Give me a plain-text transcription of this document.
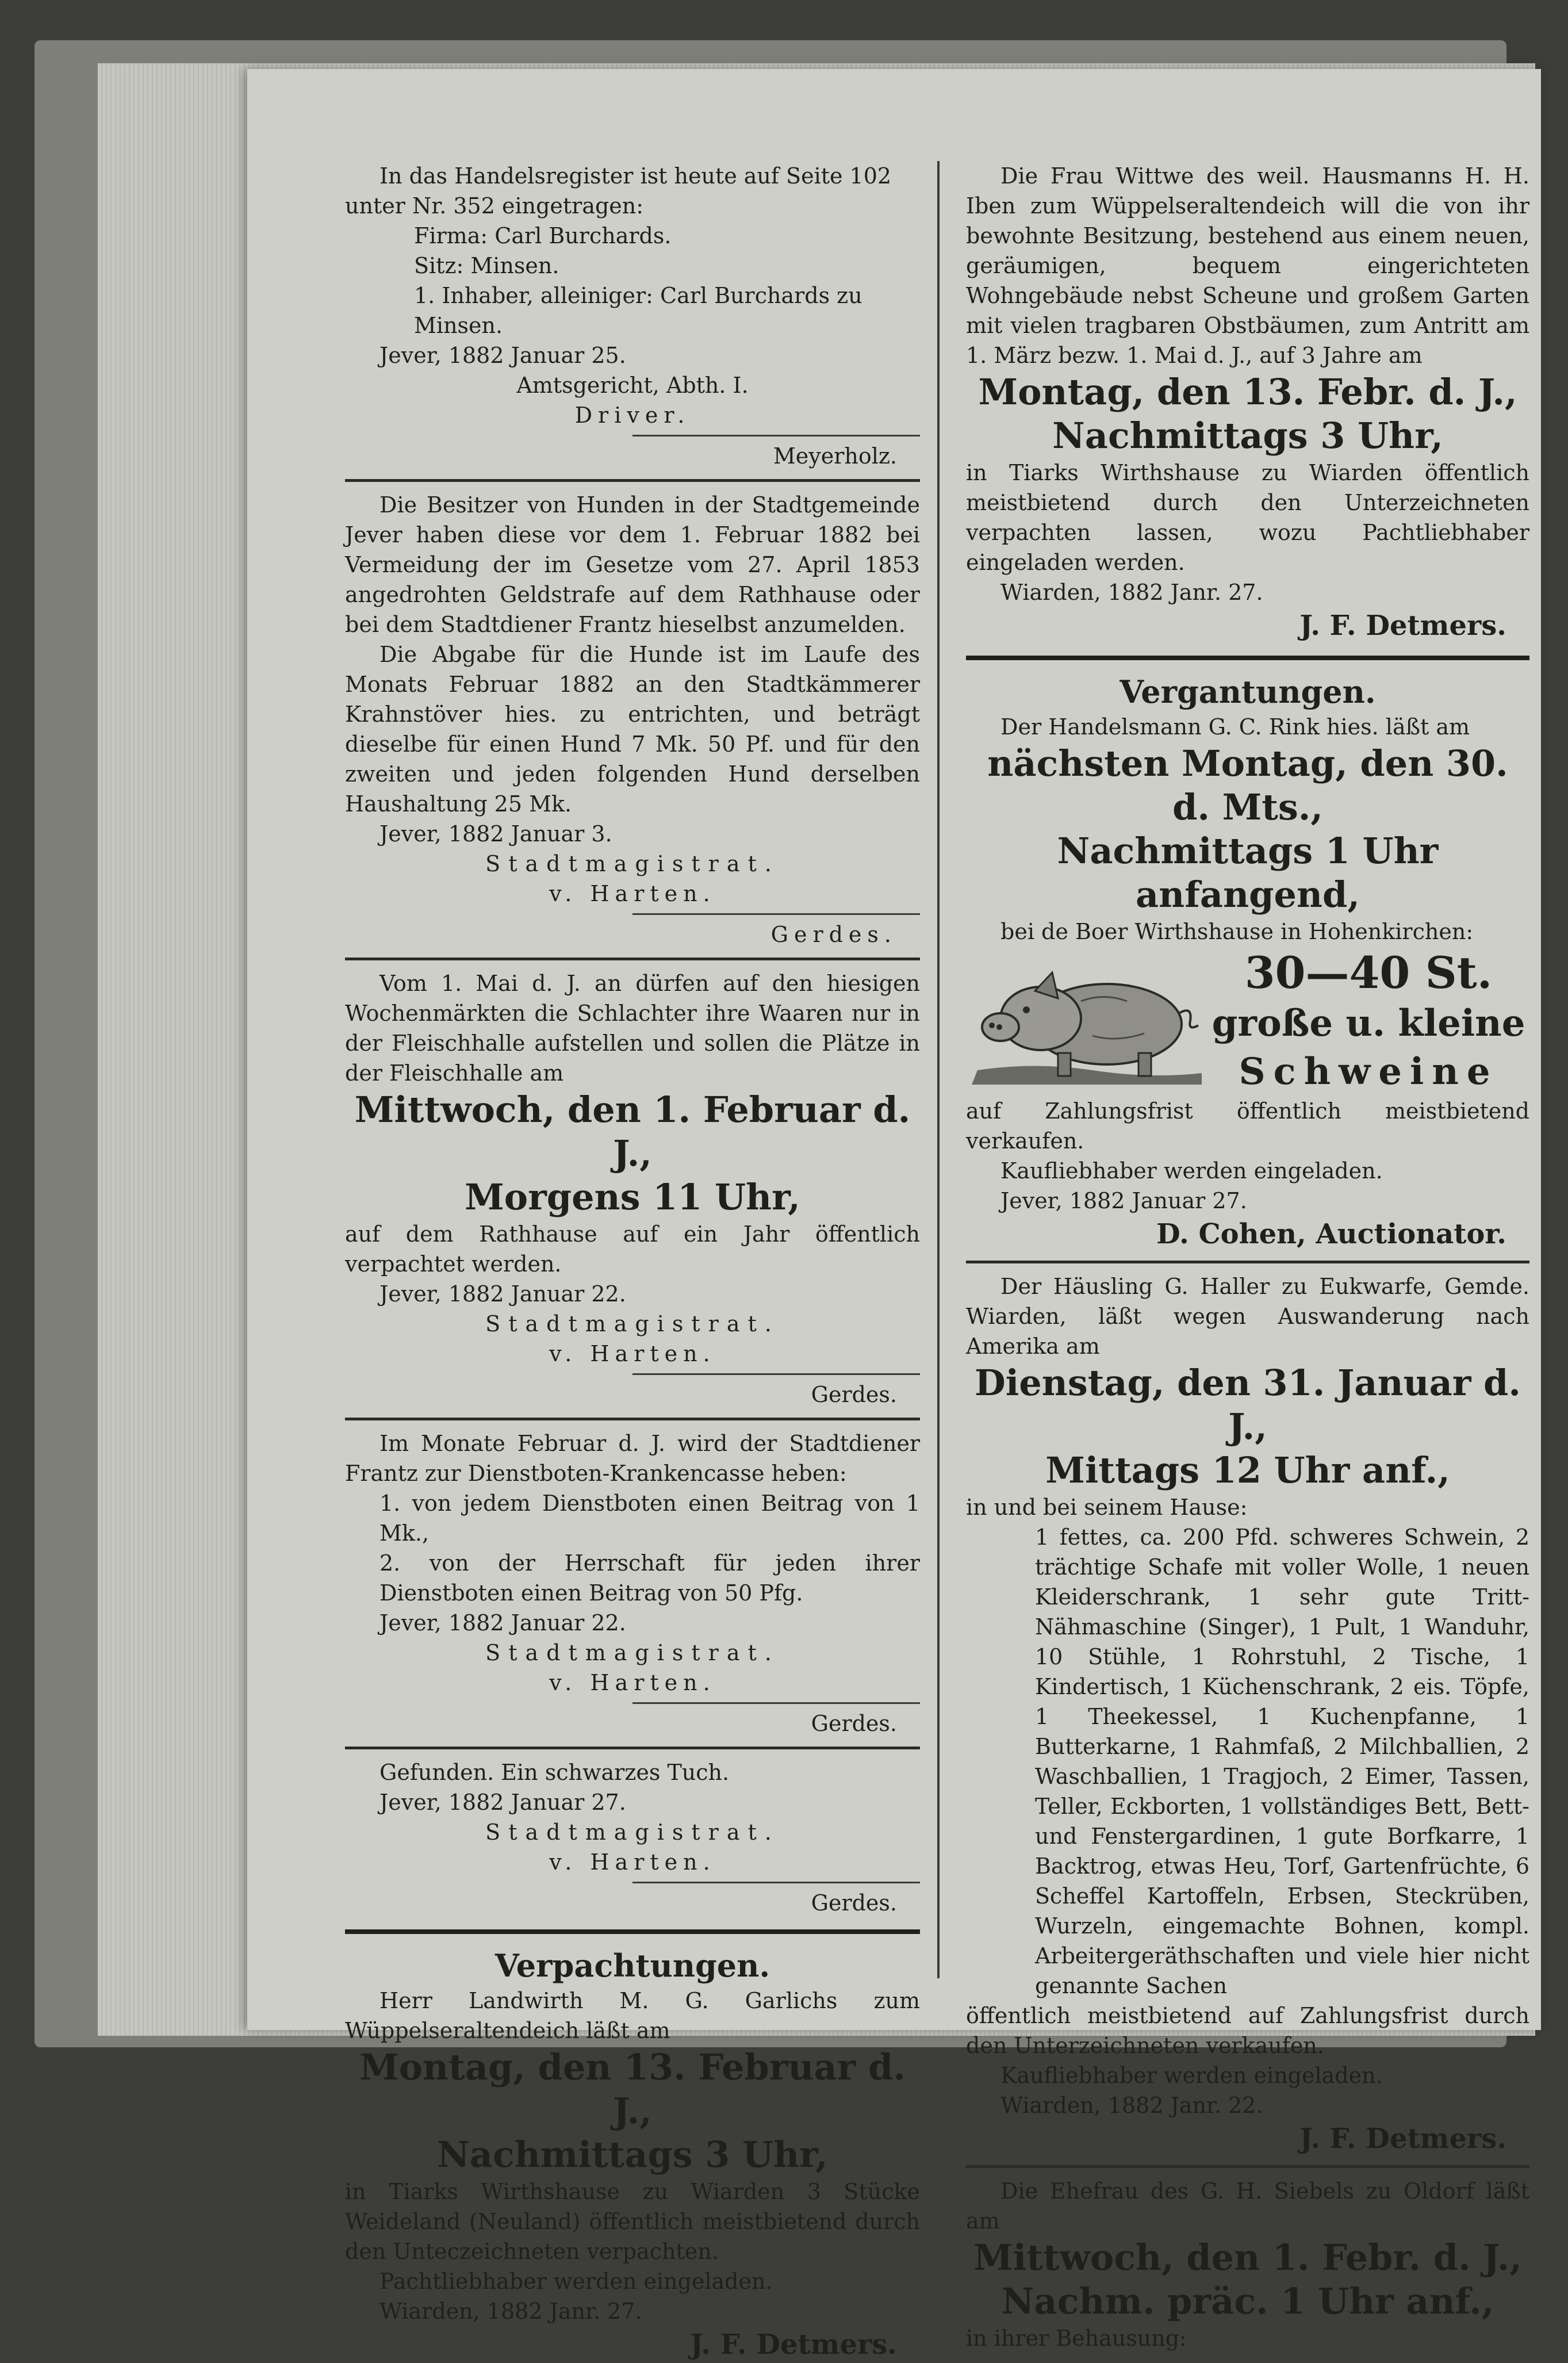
In das Handelsregister ist heute auf Seite 102

unter Nr. 352 eingetragen:

Firma: Carl Burchards.

Sitz: Minsen.

1. Inhaber, alleiniger: Carl Burchards zu

Minsen.

Jever, 1882 Januar 25.

Amtsgericht, Abth. I.

Driver.

Meyerholz.

Die Besitzer von Hunden in der Stadtgemeinde Jever haben diese vor dem 1. Februar 1882 bei Vermeidung der im Gesetze vom 27. April 1853 angedrohten Geldstrafe auf dem Rathhause oder bei dem Stadtdiener Frantz hieselbst anzumelden.

Die Abgabe für die Hunde ist im Laufe des Monats Februar 1882 an den Stadtkämmerer Krahnstöver hies. zu entrichten, und beträgt dieselbe für einen Hund 7 Mk. 50 Pf. und für den zweiten und jeden folgenden Hund derselben Haushaltung 25 Mk.

Jever, 1882 Januar 3.

Stadtmagistrat.

v. Harten.

Gerdes.

Vom 1. Mai d. J. an dürfen auf den hiesigen Wochenmärkten die Schlachter ihre Waaren nur in der Fleischhalle aufstellen und sollen die Plätze in der Fleischhalle am

Mittwoch, den 1. Februar d. J.,

Morgens 11 Uhr,

auf dem Rathhause auf ein Jahr öffentlich verpachtet werden.

Jever, 1882 Januar 22.

Stadtmagistrat.

v. Harten.

Gerdes.

Im Monate Februar d. J. wird der Stadtdiener Frantz zur Dienstboten-Krankencasse heben:

1. von jedem Dienstboten einen Beitrag von 1 Mk.,

2. von der Herrschaft für jeden ihrer Dienstboten einen Beitrag von 50 Pfg.

Jever, 1882 Januar 22.

Stadtmagistrat.

v. Harten.

Gerdes.

Gefunden. Ein schwarzes Tuch.

Jever, 1882 Januar 27.

Stadtmagistrat.

v. Harten.

Gerdes.

Verpachtungen.

Herr Landwirth M. G. Garlichs zum Wüppelseraltendeich läßt am

Montag, den 13. Februar d. J.,

Nachmittags 3 Uhr,

in Tiarks Wirthshause zu Wiarden 3 Stücke Weideland (Neuland) öffentlich meistbietend durch den Unteczeichneten verpachten.

Pachtliebhaber werden eingeladen.

Wiarden, 1882 Janr. 27.

J. F. Detmers.

Die Frau Wittwe des weil. Hausmanns H. H. Iben zum Wüppelseraltendeich will die von ihr bewohnte Besitzung, bestehend aus einem neuen, geräumigen, bequem eingerichteten Wohngebäude nebst Scheune und großem Garten mit vielen tragbaren Obstbäumen, zum Antritt am 1. März bezw. 1. Mai d. J., auf 3 Jahre am

Montag, den 13. Febr. d. J.,

Nachmittags 3 Uhr,

in Tiarks Wirthshause zu Wiarden öffentlich meistbietend durch den Unterzeichneten verpachten lassen, wozu Pachtliebhaber eingeladen werden.

Wiarden, 1882 Janr. 27.

J. F. Detmers.

Vergantungen.

Der Handelsmann G. C. Rink hies. läßt am

nächsten Montag, den 30. d. Mts.,

Nachmittags 1 Uhr anfangend,

bei de Boer Wirthshause in Hohenkirchen:

30—40 St.

große u. kleine

Schweine

auf Zahlungsfrist öffentlich meistbietend verkaufen.

Kaufliebhaber werden eingeladen.

Jever, 1882 Januar 27.

D. Cohen, Auctionator.

Der Häusling G. Haller zu Eukwarfe, Gemde. Wiarden, läßt wegen Auswanderung nach Amerika am

Dienstag, den 31. Januar d. J.,

Mittags 12 Uhr anf.,

in und bei seinem Hause:

1 fettes, ca. 200 Pfd. schweres Schwein, 2 trächtige Schafe mit voller Wolle, 1 neuen Kleiderschrank, 1 sehr gute Tritt-Nähmaschine (Singer), 1 Pult, 1 Wanduhr, 10 Stühle, 1 Rohrstuhl, 2 Tische, 1 Kindertisch, 1 Küchenschrank, 2 eis. Töpfe, 1 Theekessel, 1 Kuchenpfanne, 1 Butterkarne, 1 Rahmfaß, 2 Milchballien, 2 Waschballien, 1 Tragjoch, 2 Eimer, Tassen, Teller, Eckborten, 1 vollständiges Bett, Bett- und Fenstergardinen, 1 gute Borfkarre, 1 Backtrog, etwas Heu, Torf, Gartenfrüchte, 6 Scheffel Kartoffeln, Erbsen, Steckrüben, Wurzeln, eingemachte Bohnen, kompl. Arbeitergeräthschaften und viele hier nicht genannte Sachen

öffentlich meistbietend auf Zahlungsfrist durch den Unterzeichneten verkaufen.

Kaufliebhaber werden eingeladen.

Wiarden, 1882 Janr. 22.

J. F. Detmers.

Die Ehefrau des G. H. Siebels zu Oldorf läßt am

Mittwoch, den 1. Febr. d. J.,

Nachm. präc. 1 Uhr anf.,

in ihrer Behausung:
